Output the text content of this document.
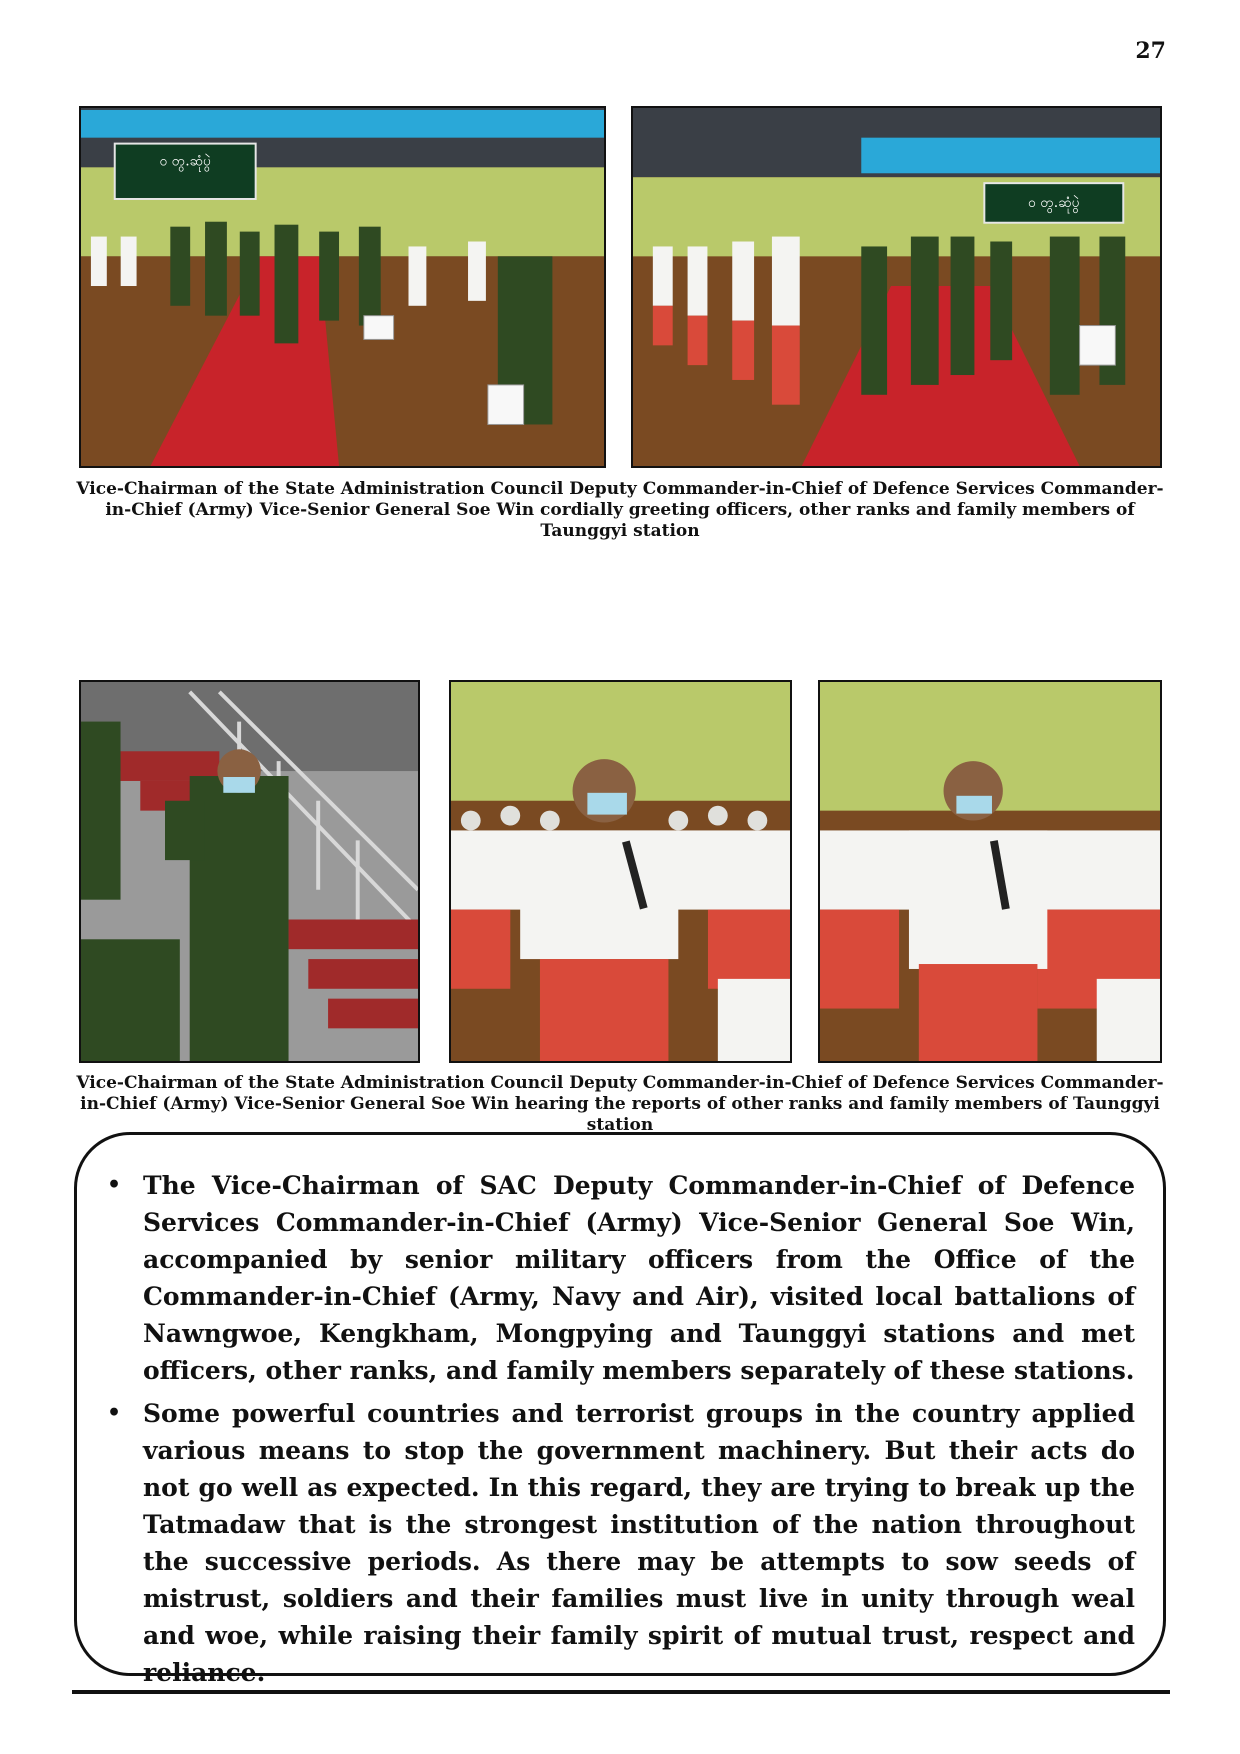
27
၀ တွ.ဆုံပွဲ
၀ တွ.ဆုံပွဲ
Vice-Chairman of the State Administration Council Deputy Commander-in-Chief of Defence Services Commander-in-Chief (Army) Vice-Senior General Soe Win cordially greeting officers, other ranks and family members of Taunggyi station
Vice-Chairman of the State Administration Council Deputy Commander-in-Chief of Defence Services Commander-in-Chief (Army) Vice-Senior General Soe Win hearing the reports of other ranks and family members of Taunggyi station
• The Vice-Chairman of SAC Deputy Commander-in-Chief of Defence Services Commander-in-Chief (Army) Vice-Senior General Soe Win, accompanied by senior military officers from the Office of the Commander-in-Chief (Army, Navy and Air), visited local battalions of Nawngwoe, Kengkham, Mongpying and Taunggyi stations and met officers, other ranks, and family members separately of these stations.
• Some powerful countries and terrorist groups in the country applied various means to stop the government machinery. But their acts do not go well as expected. In this regard, they are trying to break up the Tatmadaw that is the strongest institution of the nation throughout the successive periods. As there may be attempts to sow seeds of mistrust, soldiers and their families must live in unity through weal and woe, while raising their family spirit of mutual trust, respect and reliance.
